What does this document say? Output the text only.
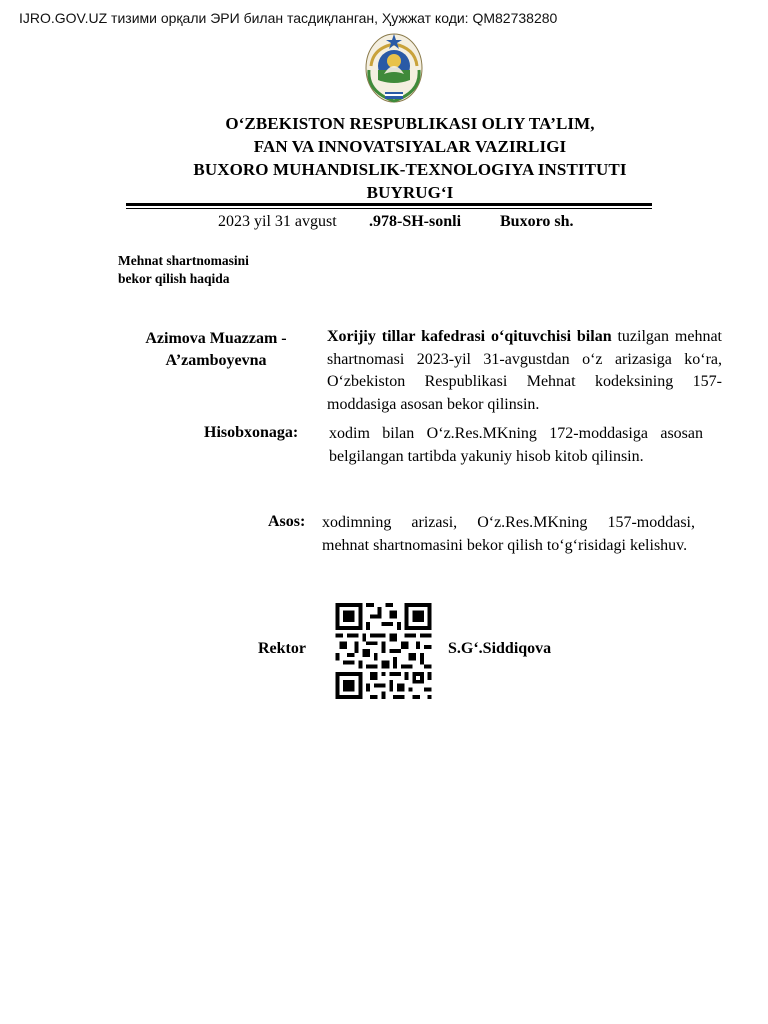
IJRO.GOV.UZ тизими орқали ЭРИ билан тасдиқланган, Ҳужжат коди: QM82738280
O‘ZBEKISTON RESPUBLIKASI OLIY TA’LIM,
FAN VA INNOVATSIYALAR VAZIRLIGI
BUXORO MUHANDISLIK-TEXNOLOGIYA INSTITUTI
BUYRUG‘I
2023 yil 31 avgust .978-SH-sonli Buxoro sh.
Mehnat shartnomasini
bekor qilish haqida
Azimova Muazzam -
A’zamboyevna
Xorijiy tillar kafedrasi o‘qituvchisi bilan tuzilgan mehnat shartnomasi 2023-yil 31-avgustdan o‘z arizasiga ko‘ra, O‘zbekiston Respublikasi Mehnat kodeksining 157-moddasiga asosan bekor qilinsin.
Hisobxonaga: xodim bilan O‘z.Res.MKning 172-moddasiga asosan belgilangan tartibda yakuniy hisob kitob qilinsin.
Asos: xodimning arizasi, O‘z.Res.MKning 157-moddasi, mehnat shartnomasini bekor qilish to‘g‘risidagi kelishuv.
Rektor	S.G‘.Siddiqova
